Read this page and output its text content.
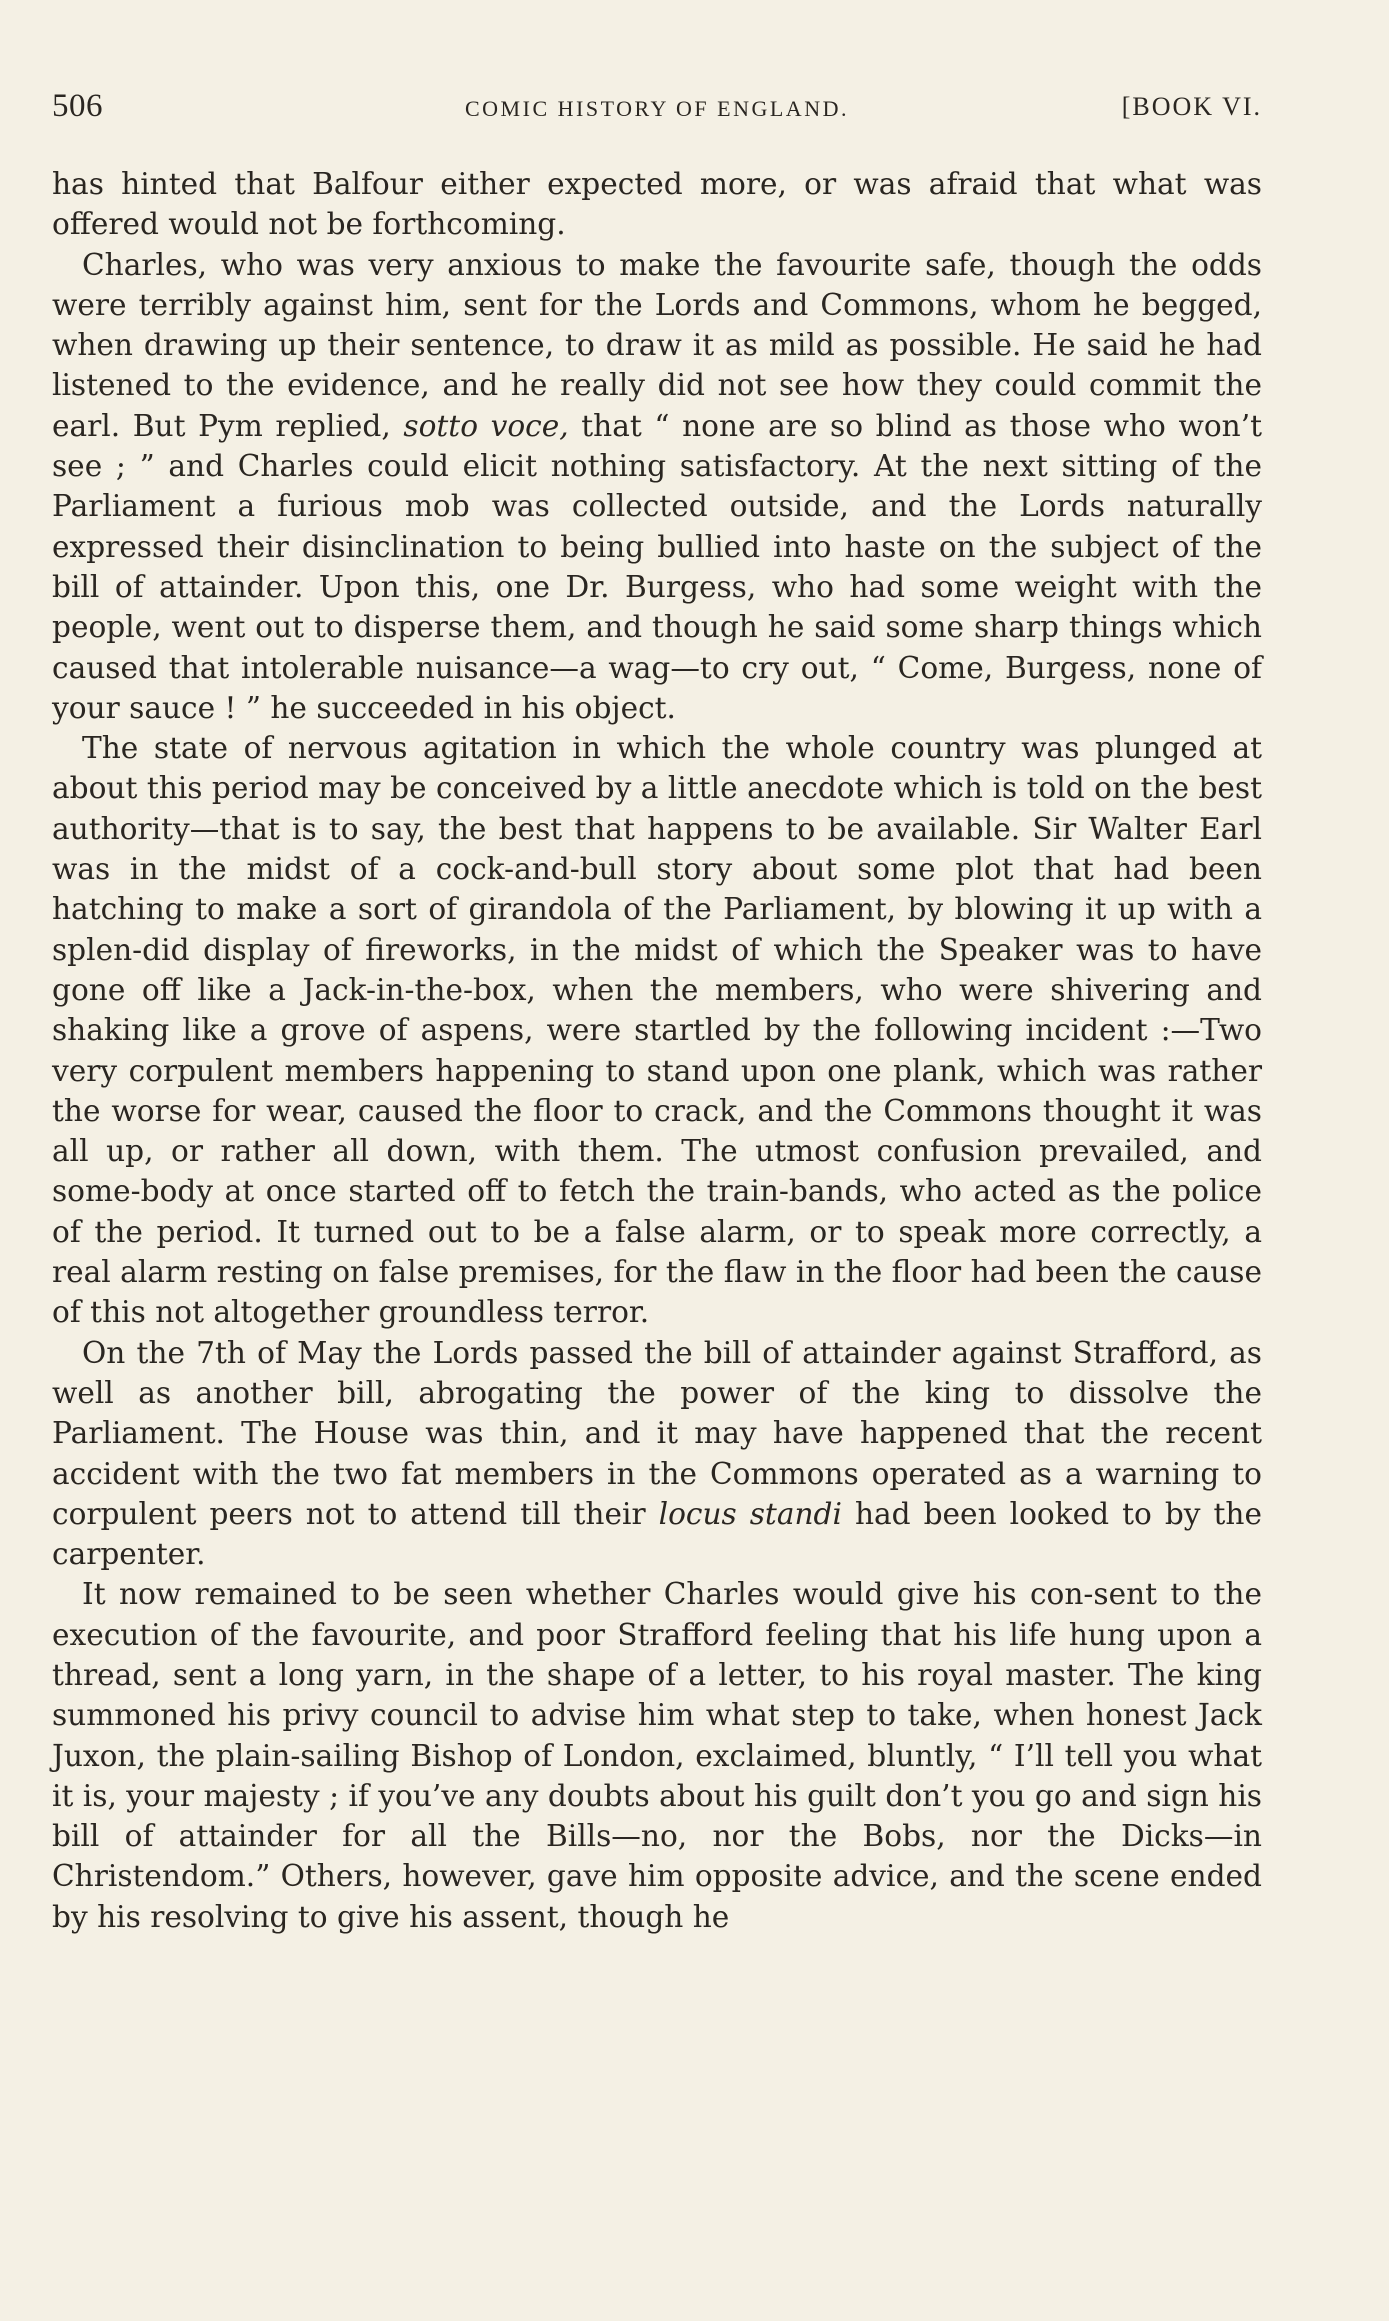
506	COMIC HISTORY OF ENGLAND.	[BOOK VI.

has hinted that Balfour either expected more, or was afraid that what was offered would not be forthcoming.

Charles, who was very anxious to make the favourite safe, though the odds were terribly against him, sent for the Lords and Commons, whom he begged, when drawing up their sentence, to draw it as mild as possible. He said he had listened to the evidence, and he really did not see how they could commit the earl. But Pym replied, sotto voce, that “ none are so blind as those who won’t see ; ” and Charles could elicit nothing satisfactory. At the next sitting of the Parliament a furious mob was collected outside, and the Lords naturally expressed their disinclination to being bullied into haste on the subject of the bill of attainder. Upon this, one Dr. Burgess, who had some weight with the people, went out to disperse them, and though he said some sharp things which caused that intolerable nuisance—a wag—to cry out, “ Come, Burgess, none of your sauce ! ” he succeeded in his object.

The state of nervous agitation in which the whole country was plunged at about this period may be conceived by a little anecdote which is told on the best authority—that is to say, the best that happens to be available. Sir Walter Earl was in the midst of a cock-and-bull story about some plot that had been hatching to make a sort of girandola of the Parliament, by blowing it up with a splen-did display of fireworks, in the midst of which the Speaker was to have gone off like a Jack-in-the-box, when the members, who were shivering and shaking like a grove of aspens, were startled by the following incident :—Two very corpulent members happening to stand upon one plank, which was rather the worse for wear, caused the floor to crack, and the Commons thought it was all up, or rather all down, with them. The utmost confusion prevailed, and some-body at once started off to fetch the train-bands, who acted as the police of the period. It turned out to be a false alarm, or to speak more correctly, a real alarm resting on false premises, for the flaw in the floor had been the cause of this not altogether groundless terror.

On the 7th of May the Lords passed the bill of attainder against Strafford, as well as another bill, abrogating the power of the king to dissolve the Parliament. The House was thin, and it may have happened that the recent accident with the two fat members in the Commons operated as a warning to corpulent peers not to attend till their locus standi had been looked to by the carpenter.

It now remained to be seen whether Charles would give his con-sent to the execution of the favourite, and poor Strafford feeling that his life hung upon a thread, sent a long yarn, in the shape of a letter, to his royal master. The king summoned his privy council to advise him what step to take, when honest Jack Juxon, the plain-sailing Bishop of London, exclaimed, bluntly, “ I’ll tell you what it is, your majesty ; if you’ve any doubts about his guilt don’t you go and sign his bill of attainder for all the Bills—no, nor the Bobs, nor the Dicks—in Christendom.” Others, however, gave him opposite advice, and the scene ended by his resolving to give his assent, though he
